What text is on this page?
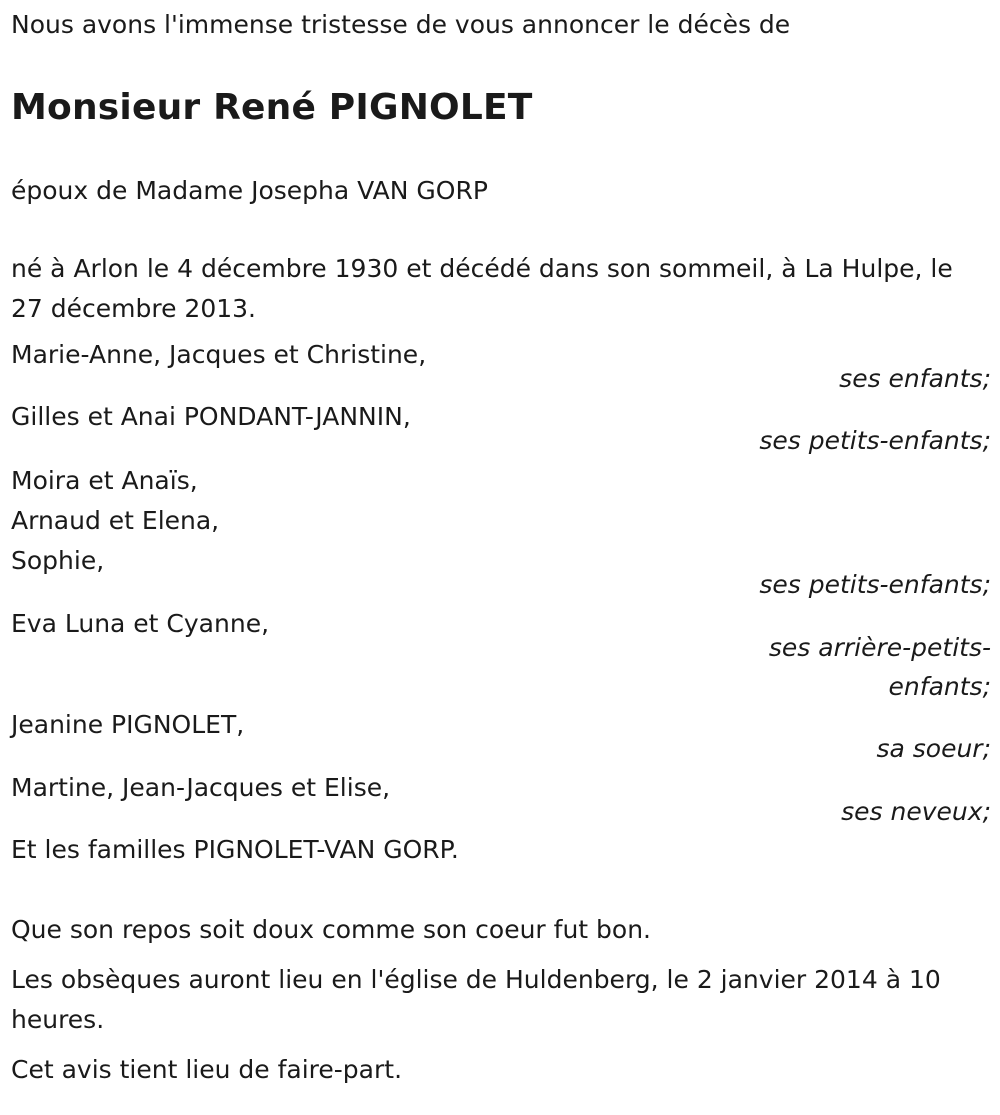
Nous avons l'immense tristesse de vous annoncer le décès de
Monsieur René PIGNOLET
époux de Madame Josepha VAN GORP
né à Arlon le 4 décembre 1930 et décédé dans son sommeil, à La Hulpe, le 27 décembre 2013.
Marie-Anne, Jacques et Christine,
ses enfants;
Gilles et Anai PONDANT-JANNIN,
ses petits-enfants;
Moira et Anaïs,
Arnaud et Elena,
Sophie,
ses petits-enfants;
Eva Luna et Cyanne,
ses arrière-petits-enfants;
Jeanine PIGNOLET,
sa soeur;
Martine, Jean-Jacques et Elise,
ses neveux;
Et les familles PIGNOLET-VAN GORP.
Que son repos soit doux comme son coeur fut bon.
Les obsèques auront lieu en l'église de Huldenberg, le 2 janvier 2014 à 10 heures.
Cet avis tient lieu de faire-part.
